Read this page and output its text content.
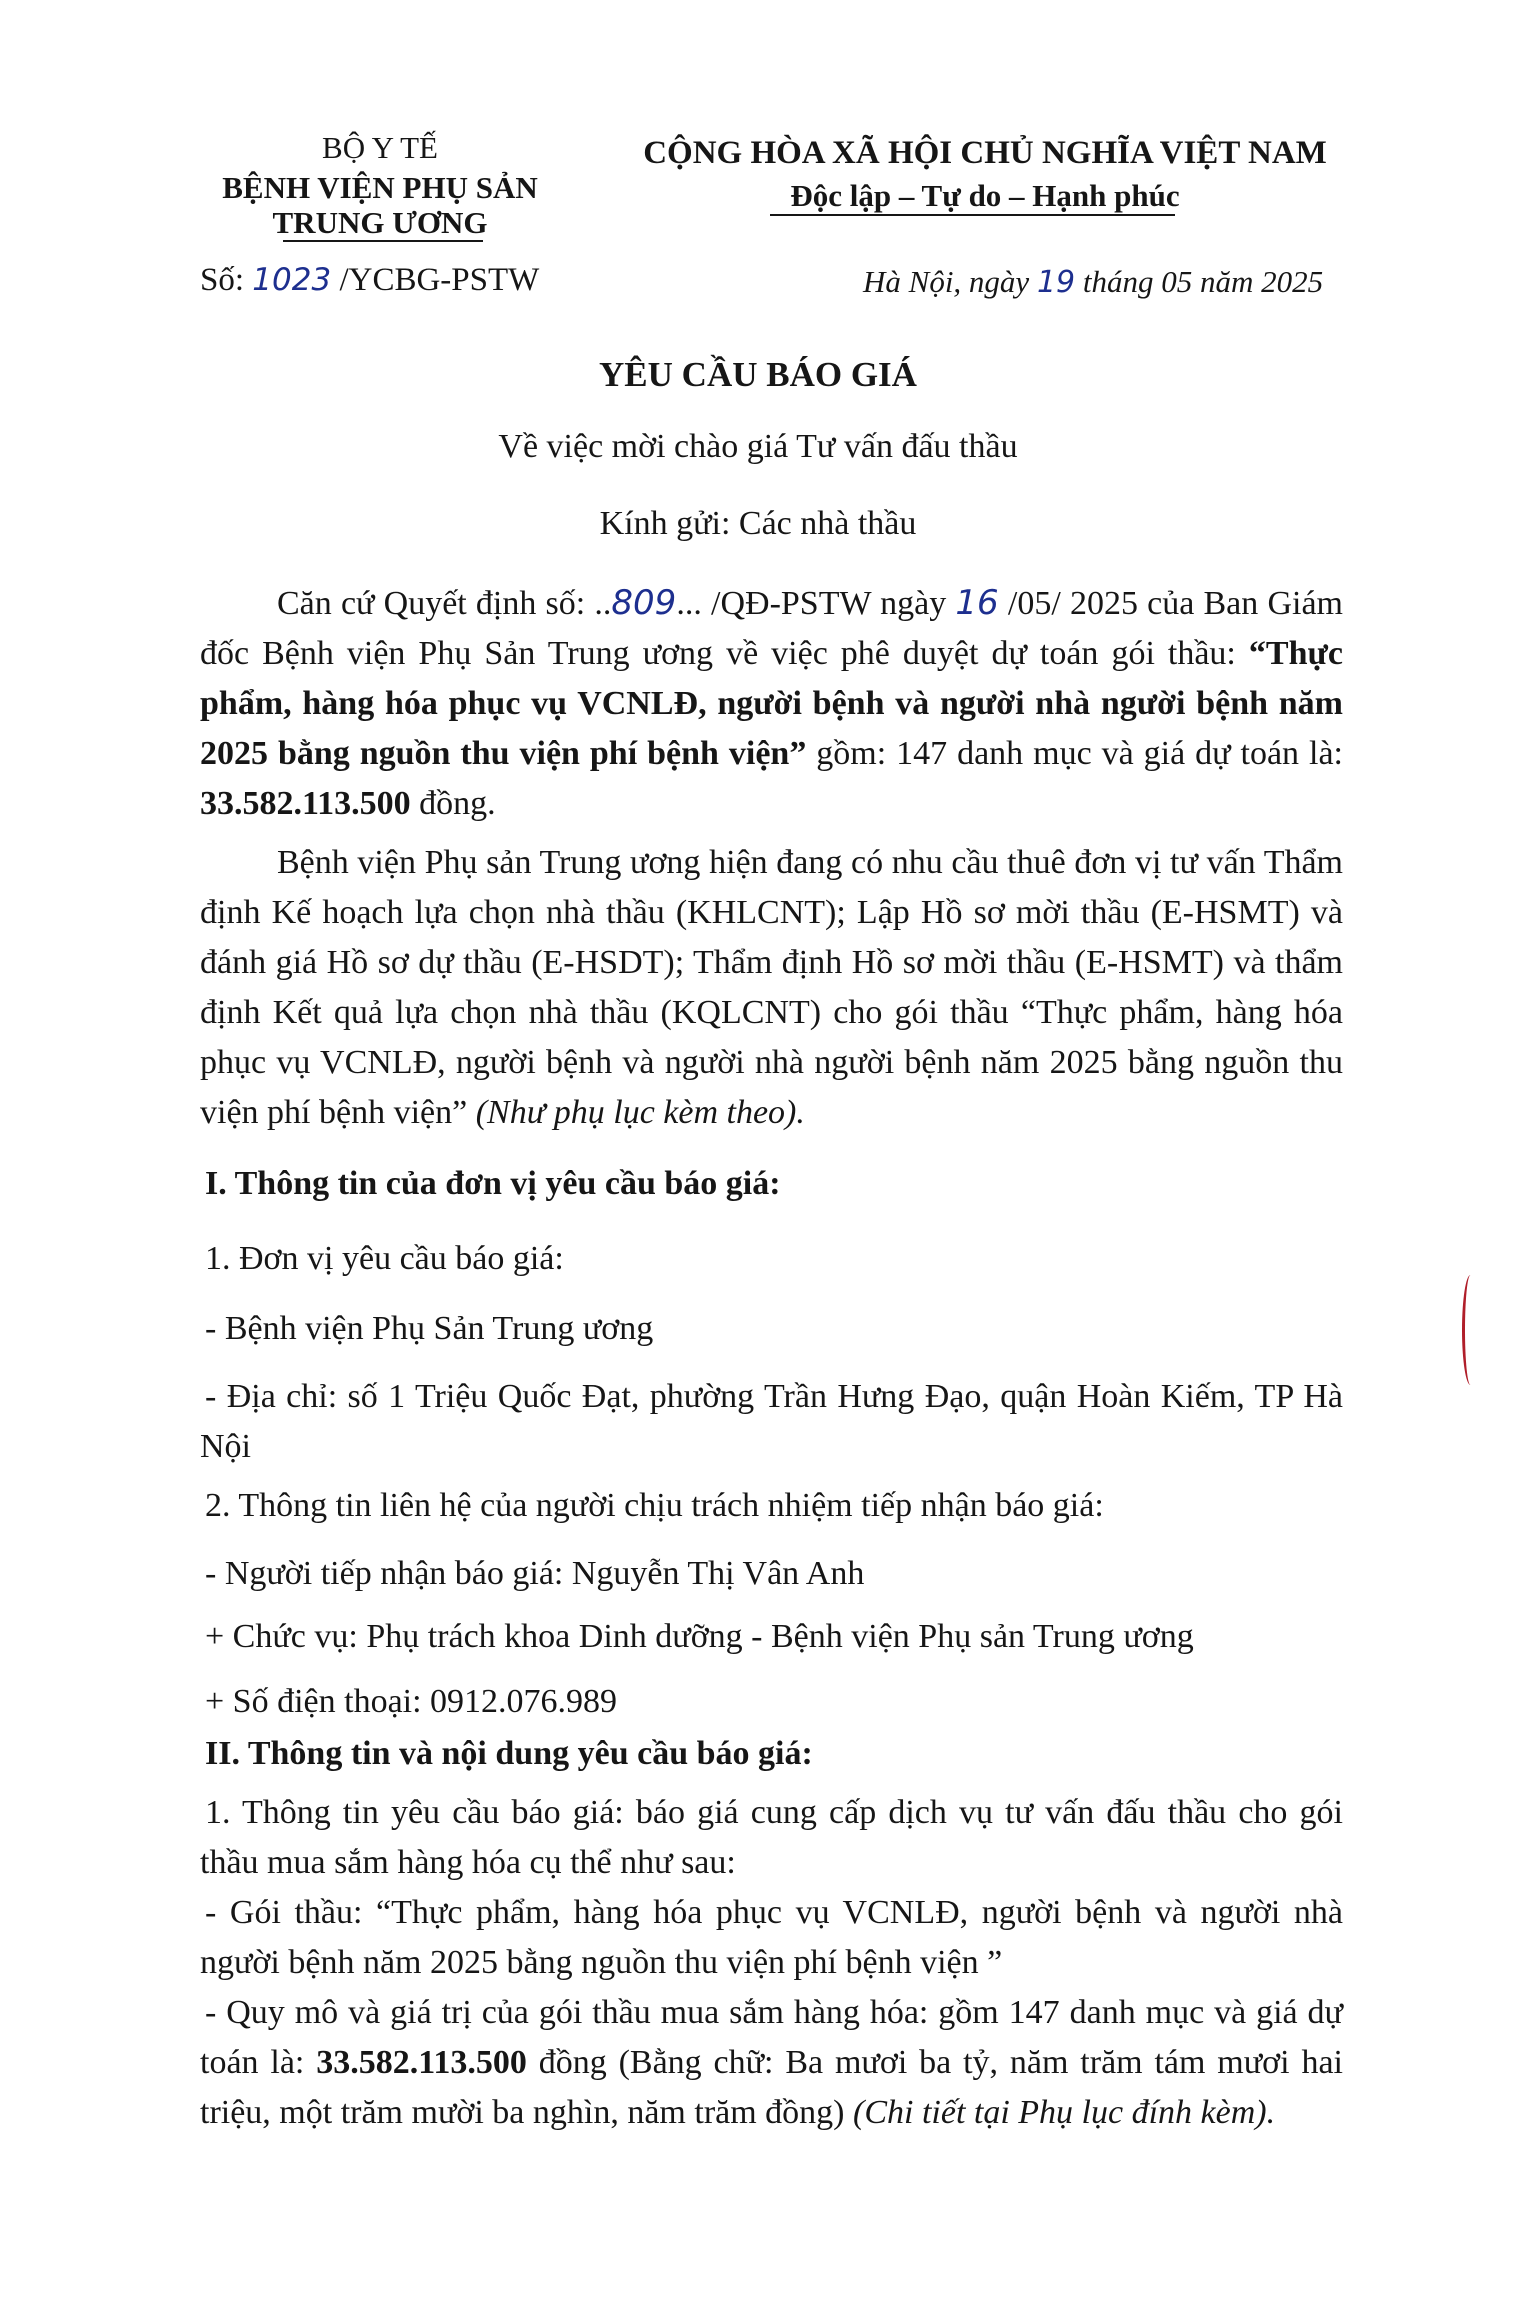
BỘ Y TẾ
BỆNH VIỆN PHỤ SẢN
TRUNG ƯƠNG
CỘNG HÒA XÃ HỘI CHỦ NGHĨA VIỆT NAM
Độc lập – Tự do – Hạnh phúc
Số: 1023 /YCBG-PSTW	Hà Nội, ngày 19 tháng 05 năm 2025
YÊU CẦU BÁO GIÁ
Về việc mời chào giá Tư vấn đấu thầu
Kính gửi: Các nhà thầu
Căn cứ Quyết định số: ..809... /QĐ-PSTW ngày 16 /05/ 2025 của Ban Giám đốc Bệnh viện Phụ Sản Trung ương về việc phê duyệt dự toán gói thầu: “Thực phẩm, hàng hóa phục vụ VCNLĐ, người bệnh và người nhà người bệnh năm 2025 bằng nguồn thu viện phí bệnh viện” gồm: 147 danh mục và giá dự toán là: 33.582.113.500 đồng.
Bệnh viện Phụ sản Trung ương hiện đang có nhu cầu thuê đơn vị tư vấn Thẩm định Kế hoạch lựa chọn nhà thầu (KHLCNT); Lập Hồ sơ mời thầu (E-HSMT) và đánh giá Hồ sơ dự thầu (E-HSDT); Thẩm định Hồ sơ mời thầu (E-HSMT) và thẩm định Kết quả lựa chọn nhà thầu (KQLCNT) cho gói thầu “Thực phẩm, hàng hóa phục vụ VCNLĐ, người bệnh và người nhà người bệnh năm 2025 bằng nguồn thu viện phí bệnh viện” (Như phụ lục kèm theo).
I. Thông tin của đơn vị yêu cầu báo giá:
1. Đơn vị yêu cầu báo giá:
- Bệnh viện Phụ Sản Trung ương
- Địa chỉ: số 1 Triệu Quốc Đạt, phường Trần Hưng Đạo, quận Hoàn Kiếm, TP Hà Nội
2. Thông tin liên hệ của người chịu trách nhiệm tiếp nhận báo giá:
- Người tiếp nhận báo giá: Nguyễn Thị Vân Anh
+ Chức vụ: Phụ trách khoa Dinh dưỡng - Bệnh viện Phụ sản Trung ương
+ Số điện thoại: 0912.076.989
II. Thông tin và nội dung yêu cầu báo giá:
1. Thông tin yêu cầu báo giá: báo giá cung cấp dịch vụ tư vấn đấu thầu cho gói thầu mua sắm hàng hóa cụ thể như sau:
- Gói thầu: “Thực phẩm, hàng hóa phục vụ VCNLĐ, người bệnh và người nhà người bệnh năm 2025 bằng nguồn thu viện phí bệnh viện ”
- Quy mô và giá trị của gói thầu mua sắm hàng hóa: gồm 147 danh mục và giá dự toán là: 33.582.113.500 đồng (Bằng chữ: Ba mươi ba tỷ, năm trăm tám mươi hai triệu, một trăm mười ba nghìn, năm trăm đồng) (Chi tiết tại Phụ lục đính kèm).
